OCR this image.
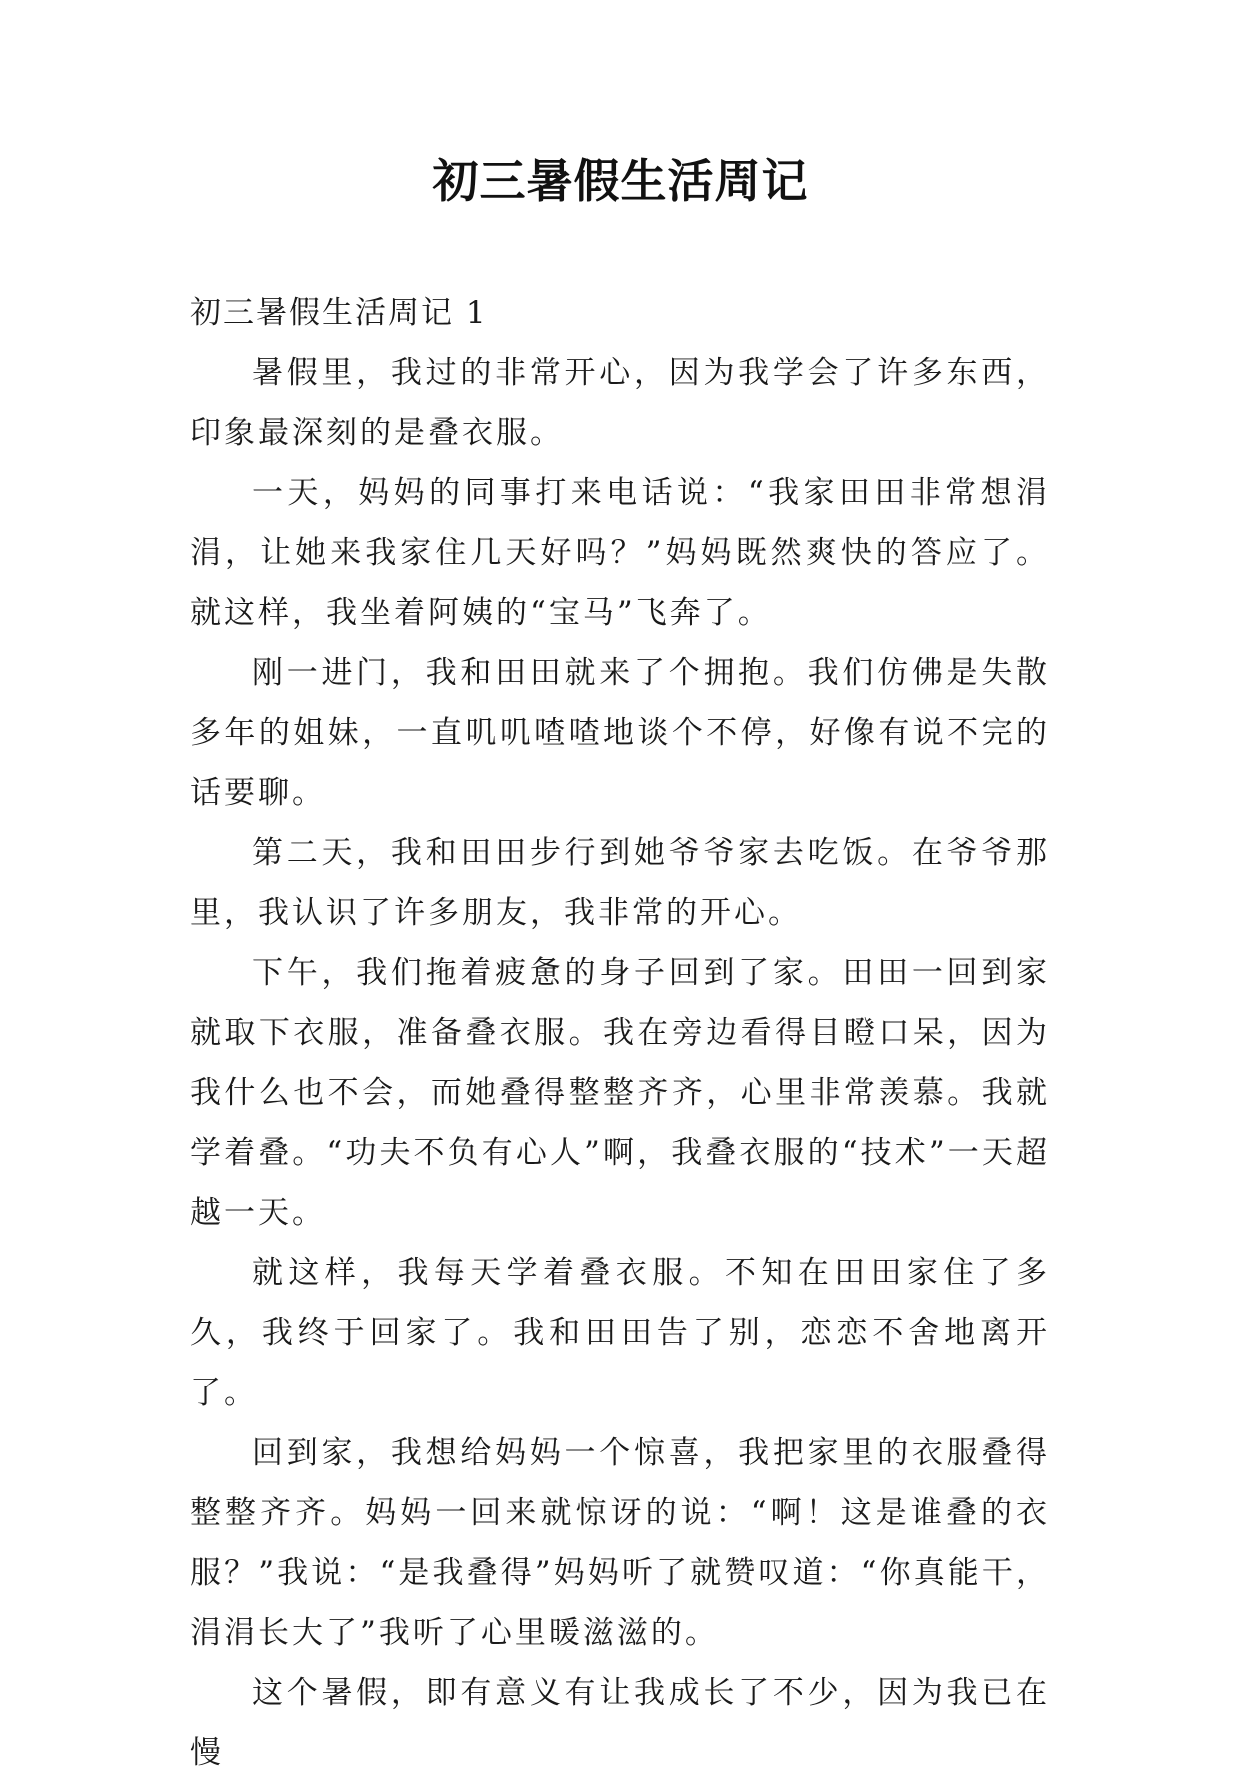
初三暑假生活周记
初三暑假生活周记 1

暑假里，我过的非常开心，因为我学会了许多东西，印象最深刻的是叠衣服。

一天，妈妈的同事打来电话说：“我家田田非常想涓涓，让她来我家住几天好吗？”妈妈既然爽快的答应了。就这样，我坐着阿姨的“宝马”飞奔了。

刚一进门，我和田田就来了个拥抱。我们仿佛是失散多年的姐妹，一直叽叽喳喳地谈个不停，好像有说不完的话要聊。

第二天，我和田田步行到她爷爷家去吃饭。在爷爷那里，我认识了许多朋友，我非常的开心。

下午，我们拖着疲惫的身子回到了家。田田一回到家就取下衣服，准备叠衣服。我在旁边看得目瞪口呆，因为我什么也不会，而她叠得整整齐齐，心里非常羡慕。我就学着叠。“功夫不负有心人”啊，我叠衣服的“技术”一天超越一天。

就这样，我每天学着叠衣服。不知在田田家住了多久，我终于回家了。我和田田告了别，恋恋不舍地离开了。

回到家，我想给妈妈一个惊喜，我把家里的衣服叠得整整齐齐。妈妈一回来就惊讶的说：“啊！这是谁叠的衣服？”我说：“是我叠得”妈妈听了就赞叹道：“你真能干，涓涓长大了”我听了心里暖滋滋的。

这个暑假，即有意义有让我成长了不少，因为我已在慢
